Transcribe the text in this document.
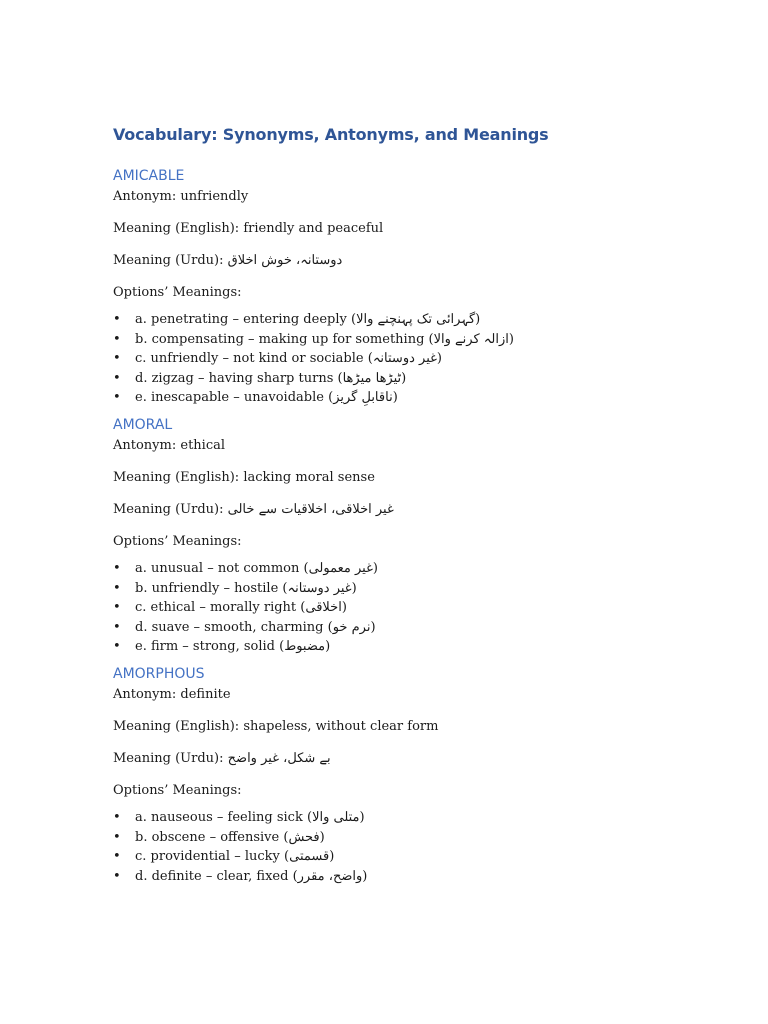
Vocabulary: Synonyms, Antonyms, and Meanings
AMICABLE
Antonym: unfriendly
Meaning (English): friendly and peaceful
Meaning (Urdu): دوستانہ، خوش اخلاق
Options’ Meanings:
• a. penetrating – entering deeply (گہرائی تک پہنچنے والا)
• b. compensating – making up for something (ازالہ کرنے والا)
• c. unfriendly – not kind or sociable (غیر دوستانہ)
• d. zigzag – having sharp turns (ٹیڑھا میڑھا)
• e. inescapable – unavoidable (ناقابلِ گریز)
AMORAL
Antonym: ethical
Meaning (English): lacking moral sense
Meaning (Urdu): غیر اخلاقی، اخلاقیات سے خالی
Options’ Meanings:
• a. unusual – not common (غیر معمولی)
• b. unfriendly – hostile (غیر دوستانہ)
• c. ethical – morally right (اخلاقی)
• d. suave – smooth, charming (نرم خو)
• e. firm – strong, solid (مضبوط)
AMORPHOUS
Antonym: definite
Meaning (English): shapeless, without clear form
Meaning (Urdu): بے شکل، غیر واضح
Options’ Meanings:
• a. nauseous – feeling sick (متلی والا)
• b. obscene – offensive (فحش)
• c. providential – lucky (قسمتی)
• d. definite – clear, fixed (واضح، مقرر)
